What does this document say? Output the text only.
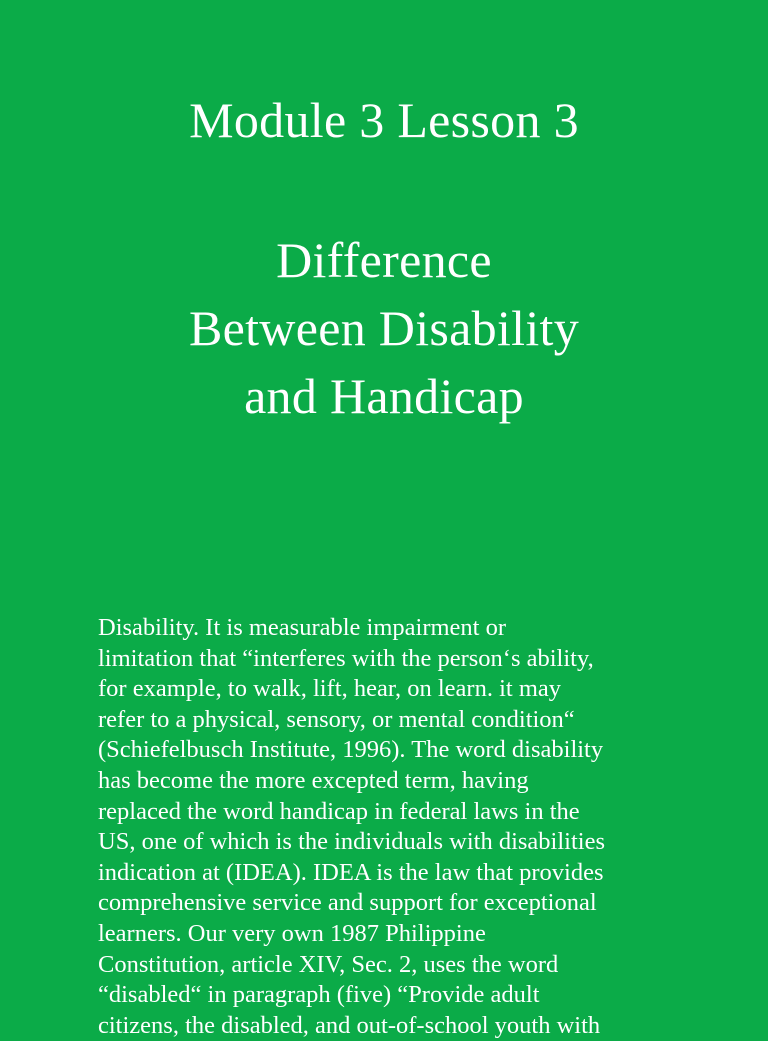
Module 3 Lesson 3
Difference
Between Disability
and Handicap

Disability. It is measurable impairment or
limitation that “interferes with the person‘s ability,
for example, to walk, lift, hear, on learn. it may
refer to a physical, sensory, or mental condition“
(Schiefelbusch Institute, 1996). The word disability
has become the more excepted term, having
replaced the word handicap in federal laws in the
US, one of which is the individuals with disabilities
indication at (IDEA). IDEA is the law that provides
comprehensive service and support for exceptional
learners. Our very own 1987 Philippine
Constitution, article XIV, Sec. 2, uses the word
“disabled“ in paragraph (five) “Provide adult
citizens, the disabled, and out-of-school youth with
